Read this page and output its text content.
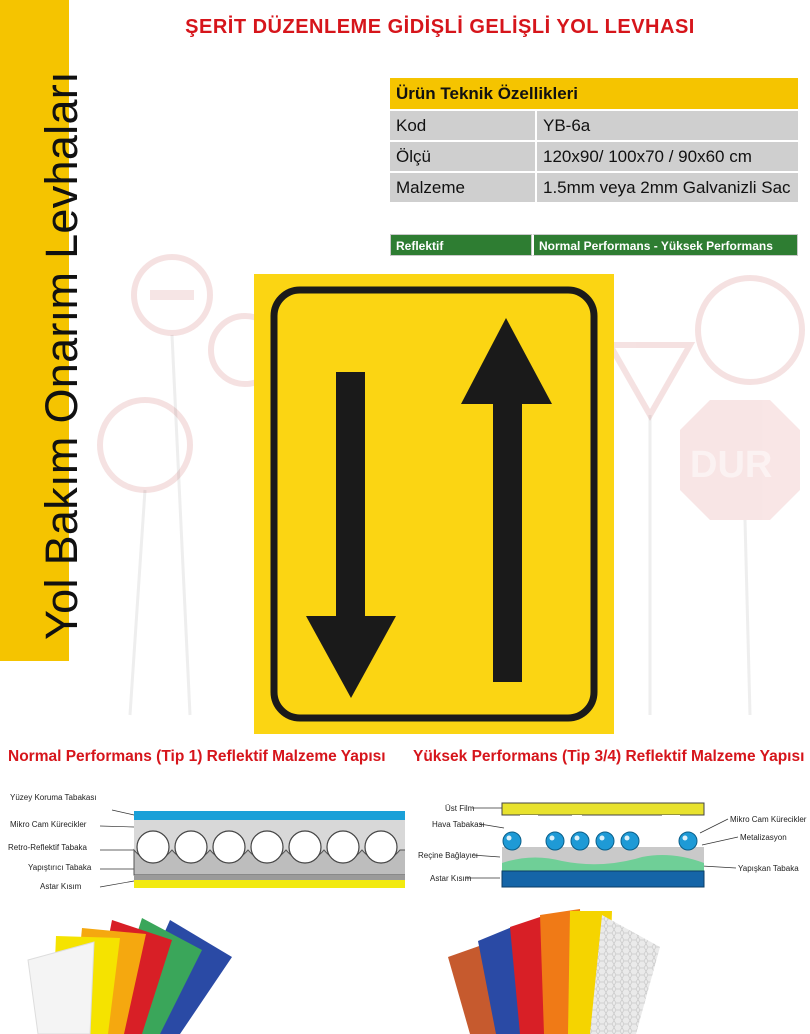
ŞERİT DÜZENLEME GİDİŞLİ GELİŞLİ YOL LEVHASI
Yol Bakım Onarım Levhaları	Ürün Teknik Özellikleri	
Kod	YB-6a
Ölçü	120x90/ 100x70 / 90x60 cm
Malzeme	1.5mm veya 2mm Galvanizli Sac
Reflektif	Normal Performans - Yüksek Performans
DUR
Normal Performans (Tip 1) Reflektif Malzeme Yapısı Yüksek Performans (Tip 3/4) Reflektif Malzeme Yapısı
Yüzey Koruma Tabakası
Mikro Cam Kürecikler
Retro-Reflektif Tabaka
Yapıştırıcı Tabaka
Astar Kısım
Üst Film
Hava Tabakası
Reçine Bağlayıcı
Astar Kısım
Mikro Cam Kürecikler
Metalizasyon
Yapışkan Tabaka
